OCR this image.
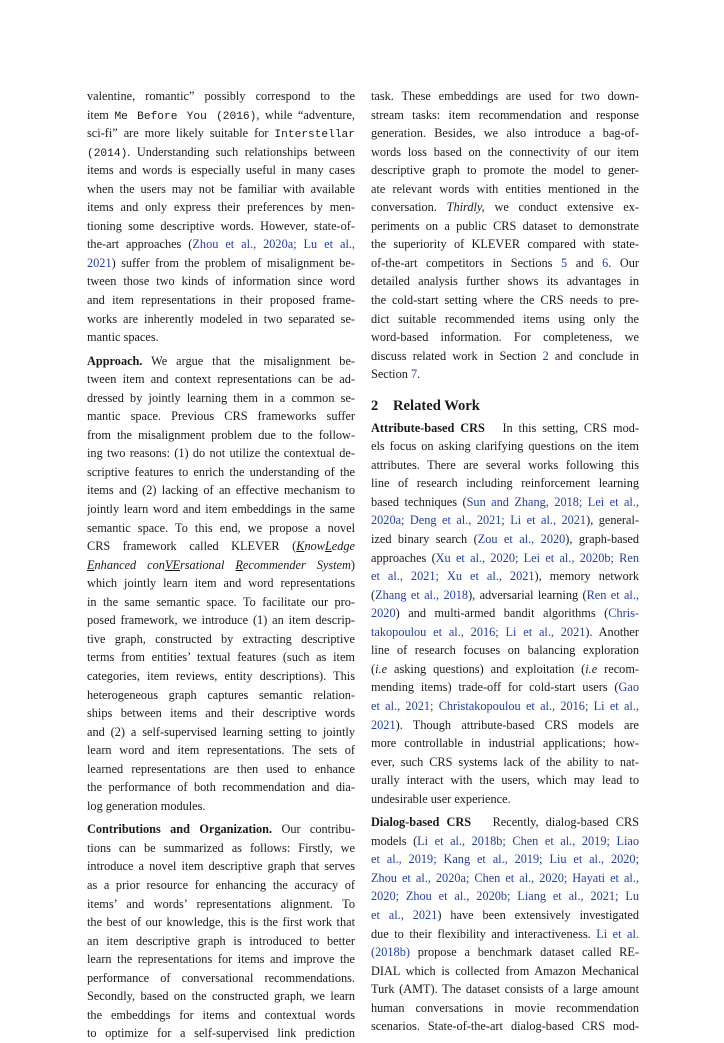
valentine, romantic” possibly correspond to the
item Me Before You (2016), while “adventure,
sci-fi” are more likely suitable for Interstellar
(2014). Understanding such relationships between
items and words is especially useful in many cases
when the users may not be familiar with available
items and only express their preferences by men-
tioning some descriptive words. However, state-of-
the-art approaches (Zhou et al., 2020a; Lu et al.,
2021) suffer from the problem of misalignment be-
tween those two kinds of information since word
and item representations in their proposed frame-
works are inherently modeled in two separated se-
mantic spaces.
Approach. We argue that the misalignment be-
tween item and context representations can be ad-
dressed by jointly learning them in a common se-
mantic space. Previous CRS frameworks suffer
from the misalignment problem due to the follow-
ing two reasons: (1) do not utilize the contextual de-
scriptive features to enrich the understanding of the
items and (2) lacking of an effective mechanism to
jointly learn word and item embeddings in the same
semantic space. To this end, we propose a novel
CRS framework called KLEVER (KnowLedge
Enhanced conVErsational Recommender System)
which jointly learn item and word representations
in the same semantic space. To facilitate our pro-
posed framework, we introduce (1) an item descrip-
tive graph, constructed by extracting descriptive
terms from entities’ textual features (such as item
categories, item reviews, entity descriptions). This
heterogeneous graph captures semantic relation-
ships between items and their descriptive words
and (2) a self-supervised learning setting to jointly
learn word and item representations. The sets of
learned representations are then used to enhance
the performance of both recommendation and dia-
log generation modules.
Contributions and Organization. Our contribu-
tions can be summarized as follows: Firstly, we
introduce a novel item descriptive graph that serves
as a prior resource for enhancing the accuracy of
items’ and words’ representations alignment. To
the best of our knowledge, this is the first work that
an item descriptive graph is introduced to better
learn the representations for items and improve the
performance of conversational recommendations.
Secondly, based on the constructed graph, we learn
the embeddings for items and contextual words
to optimize for a self-supervised link prediction
task. These embeddings are used for two down-
stream tasks: item recommendation and response
generation. Besides, we also introduce a bag-of-
words loss based on the connectivity of our item
descriptive graph to promote the model to gener-
ate relevant words with entities mentioned in the
conversation. Thirdly, we conduct extensive ex-
periments on a public CRS dataset to demonstrate
the superiority of KLEVER compared with state-
of-the-art competitors in Sections 5 and 6. Our
detailed analysis further shows its advantages in
the cold-start setting where the CRS needs to pre-
dict suitable recommended items using only the
word-based information. For completeness, we
discuss related work in Section 2 and conclude in
Section 7.
2 Related Work
Attribute-based CRS In this setting, CRS mod-
els focus on asking clarifying questions on the item
attributes. There are several works following this
line of research including reinforcement learning
based techniques (Sun and Zhang, 2018; Lei et al.,
2020a; Deng et al., 2021; Li et al., 2021), general-
ized binary search (Zou et al., 2020), graph-based
approaches (Xu et al., 2020; Lei et al., 2020b; Ren
et al., 2021; Xu et al., 2021), memory network
(Zhang et al., 2018), adversarial learning (Ren et al.,
2020) and multi-armed bandit algorithms (Chris-
takopoulou et al., 2016; Li et al., 2021). Another
line of research focuses on balancing exploration
(i.e asking questions) and exploitation (i.e recom-
mending items) trade-off for cold-start users (Gao
et al., 2021; Christakopoulou et al., 2016; Li et al.,
2021). Though attribute-based CRS models are
more controllable in industrial applications; how-
ever, such CRS systems lack of the ability to nat-
urally interact with the users, which may lead to
undesirable user experience.
Dialog-based CRS Recently, dialog-based CRS
models (Li et al., 2018b; Chen et al., 2019; Liao
et al., 2019; Kang et al., 2019; Liu et al., 2020;
Zhou et al., 2020a; Chen et al., 2020; Hayati et al.,
2020; Zhou et al., 2020b; Liang et al., 2021; Lu
et al., 2021) have been extensively investigated
due to their flexibility and interactiveness. Li et al.
(2018b) propose a benchmark dataset called RE-
DIAL which is collected from Amazon Mechanical
Turk (AMT). The dataset consists of a large amount
human conversations in movie recommendation
scenarios. State-of-the-art dialog-based CRS mod-
